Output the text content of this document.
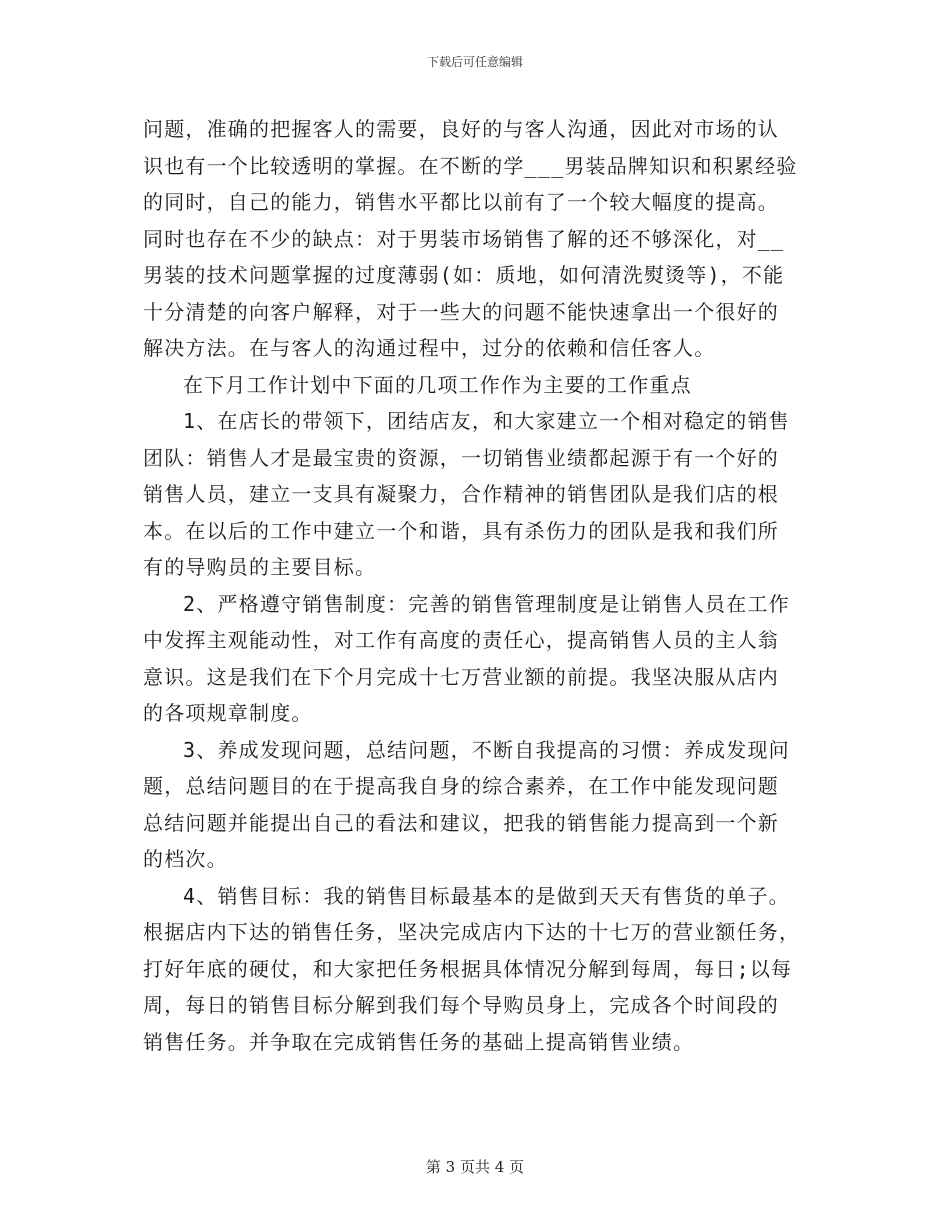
下载后可任意编辑
问题，准确的把握客人的需要，良好的与客人沟通，因此对市场的认
识也有一个比较透明的掌握。在不断的学___男装品牌知识和积累经验
的同时，自己的能力，销售水平都比以前有了一个较大幅度的提高。
同时也存在不少的缺点：对于男装市场销售了解的还不够深化，对__
男装的技术问题掌握的过度薄弱(如：质地，如何清洗熨烫等)，不能
十分清楚的向客户解释，对于一些大的问题不能快速拿出一个很好的
解决方法。在与客人的沟通过程中，过分的依赖和信任客人。
在下月工作计划中下面的几项工作作为主要的工作重点
1、在店长的带领下，团结店友，和大家建立一个相对稳定的销售
团队：销售人才是最宝贵的资源，一切销售业绩都起源于有一个好的
销售人员，建立一支具有凝聚力，合作精神的销售团队是我们店的根
本。在以后的工作中建立一个和谐，具有杀伤力的团队是我和我们所
有的导购员的主要目标。
2、严格遵守销售制度：完善的销售管理制度是让销售人员在工作
中发挥主观能动性，对工作有高度的责任心，提高销售人员的主人翁
意识。这是我们在下个月完成十七万营业额的前提。我坚决服从店内
的各项规章制度。
3、养成发现问题，总结问题，不断自我提高的习惯：养成发现问
题，总结问题目的在于提高我自身的综合素养，在工作中能发现问题
总结问题并能提出自己的看法和建议，把我的销售能力提高到一个新
的档次。
4、销售目标：我的销售目标最基本的是做到天天有售货的单子。
根据店内下达的销售任务，坚决完成店内下达的十七万的营业额任务，
打好年底的硬仗，和大家把任务根据具体情况分解到每周，每日;以每
周，每日的销售目标分解到我们每个导购员身上，完成各个时间段的
销售任务。并争取在完成销售任务的基础上提高销售业绩。
第 3 页共 4 页
